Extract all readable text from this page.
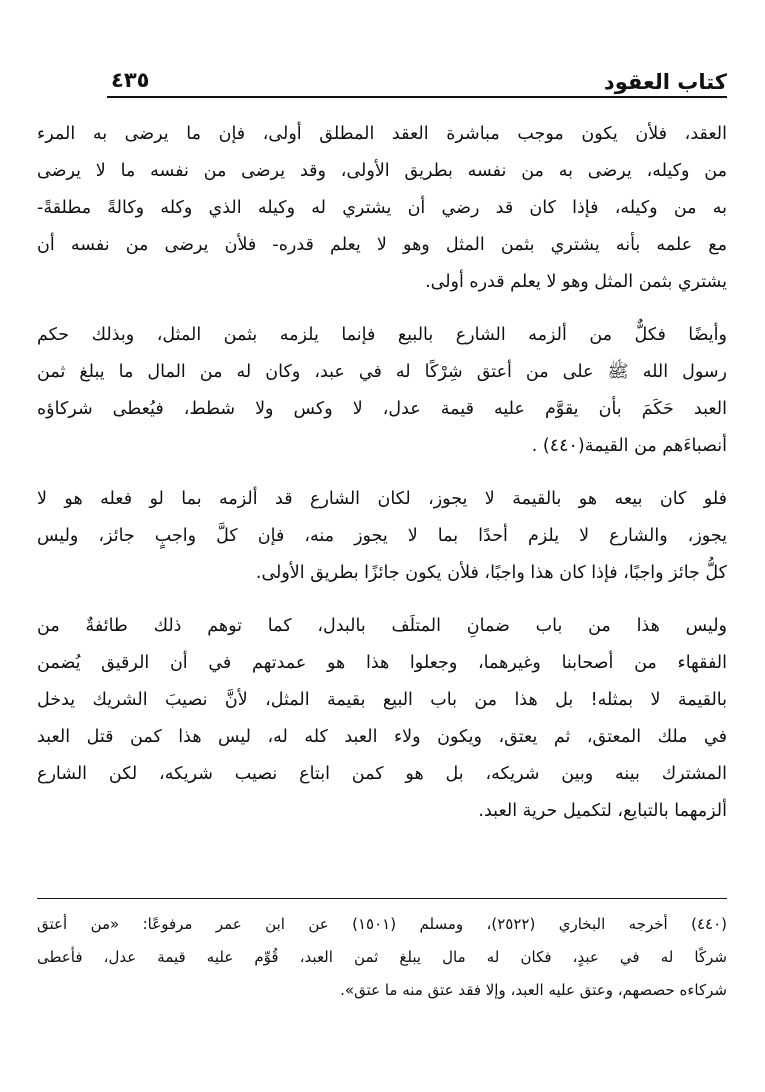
كتاب العقود
٤٣٥
العقد، فلأن يكون موجب مباشرة العقد المطلق أولى، فإن ما يرضى به المرء
من وكيله، يرضى به من نفسه بطريق الأولى، وقد يرضى من نفسه ما لا يرضى
به من وكيله، فإذا كان قد رضي أن يشتري له وكيله الذي وكله وكالةً مطلقةً-
مع علمه بأنه يشتري بثمن المثل وهو لا يعلم قدره- فلأن يرضى من نفسه أن
يشتري بثمن المثل وهو لا يعلم قدره أولى.
وأيضًا فكلٌّ من ألزمه الشارع بالبيع فإنما يلزمه بثمن المثل، وبذلك حكم
رسول الله ﷺ على من أعتق شِرْكًا له في عبد، وكان له من المال ما يبلغ ثمن
العبد حَكَمَ بأن يقوَّم عليه قيمة عدل، لا وكس ولا شطط، فيُعطى شركاؤه
أنصباءَهم من القيمة(٤٤٠) .
فلو كان بيعه هو بالقيمة لا يجوز، لكان الشارع قد ألزمه بما لو فعله هو لا
يجوز، والشارع لا يلزم أحدًا بما لا يجوز منه، فإن كلَّ واجبٍ جائز، وليس
كلُّ جائز واجبًا، فإذا كان هذا واجبًا، فلأن يكون جائزًا بطريق الأولى.
وليس هذا من باب ضمانِ المتلَف بالبدل، كما توهم ذلك طائفةٌ من
الفقهاء من أصحابنا وغيرهما، وجعلوا هذا هو عمدتهم في أن الرقيق يُضمن
بالقيمة لا بمثله! بل هذا من باب البيع بقيمة المثل، لأنَّ نصيبَ الشريك يدخل
في ملك المعتق، ثم يعتق، ويكون ولاء العبد كله له، ليس هذا كمن قتل العبد
المشترك بينه وبين شريكه، بل هو كمن ابتاع نصيب شريكه، لكن الشارع
ألزمهما بالتبايع، لتكميل حرية العبد.
(٤٤٠) أخرجه البخاري (٢٥٢٢)، ومسلم (١٥٠١) عن ابن عمر مرفوعًا: «من أعتق
شركًا له في عبدٍ، فكان له مال يبلغ ثمن العبد، قُوِّم عليه قيمة عدل، فأعطى
شركاءه حصصهم، وعتق عليه العبد، وإلا فقد عتق منه ما عتق».
